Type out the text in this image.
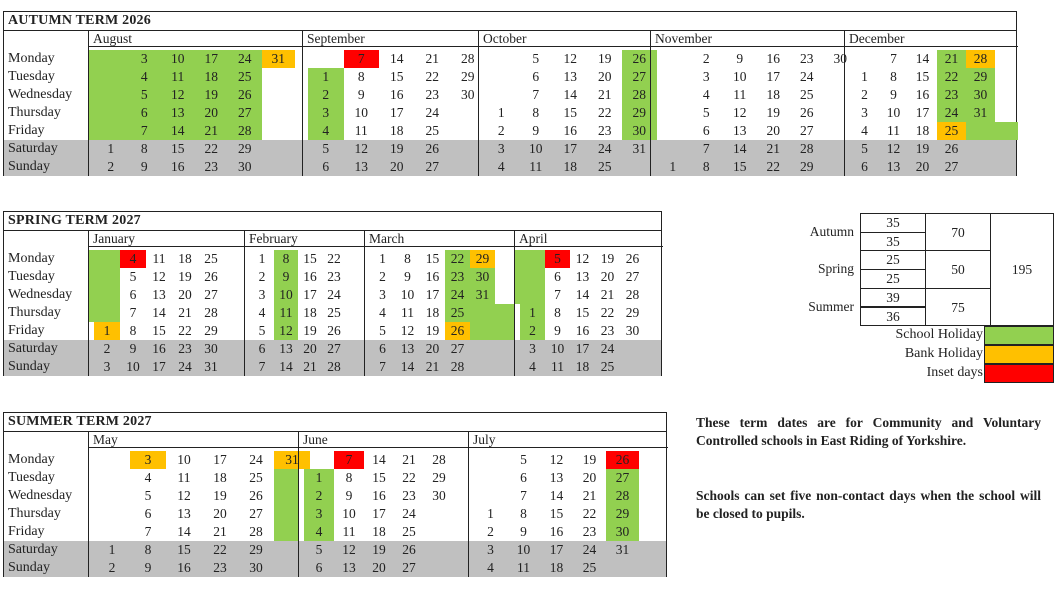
AUTUMN TERM 2026
Monday
Tuesday
Wednesday
Thursday
Friday
Saturday
Sunday
August
1
2
3
4
5
6
7
8
9
10
11
12
13
14
15
16
17
18
19
20
21
22
23
24
25
26
27
28
29
30
31
September
1
2
3
4
5
6
7
8
9
10
11
12
13
14
15
16
17
18
19
20
21
22
23
24
25
26
27
28
29
30
October
1
2
3
4
5
6
7
8
9
10
11
12
13
14
15
16
17
18
19
20
21
22
23
24
25
26
27
28
29
30
31
November
1
2
3
4
5
6
7
8
9
10
11
12
13
14
15
16
17
18
19
20
21
22
23
24
25
26
27
28
29
30
December
1
2
3
4
5
6
7
8
9
10
11
12
13
14
15
16
17
18
19
20
21
22
23
24
25
26
27
28
29
30
31
SPRING TERM 2027
Monday
Tuesday
Wednesday
Thursday
Friday
Saturday
Sunday
January
1
2
3
4
5
6
7
8
9
10
11
12
13
14
15
16
17
18
19
20
21
22
23
24
25
26
27
28
29
30
31
February
1
2
3
4
5
6
7
8
9
10
11
12
13
14
15
16
17
18
19
20
21
22
23
24
25
26
27
28
March
1
2
3
4
5
6
7
8
9
10
11
12
13
14
15
16
17
18
19
20
21
22
23
24
25
26
27
28
29
30
31
April
1
2
3
4
5
6
7
8
9
10
11
12
13
14
15
16
17
18
19
20
21
22
23
24
25
26
27
28
29
30
SUMMER TERM 2027
Monday
Tuesday
Wednesday
Thursday
Friday
Saturday
Sunday
May
1
2
3
4
5
6
7
8
9
10
11
12
13
14
15
16
17
18
19
20
21
22
23
24
25
26
27
28
29
30
31
June
1
2
3
4
5
6
7
8
9
10
11
12
13
14
15
16
17
18
19
20
21
22
23
24
25
26
27
28
29
30
July
1
2
3
4
5
6
7
8
9
10
11
12
13
14
15
16
17
18
19
20
21
22
23
24
25
26
27
28
29
30
31
Autumn
35
35
70
Spring
25
25
50
Summer
39
36
75
195
School Holiday
Bank Holiday
Inset days
These term dates are for Community and Voluntary Controlled schools in East Riding of Yorkshire.
Schools can set five non-contact days when the school will be closed to pupils.
